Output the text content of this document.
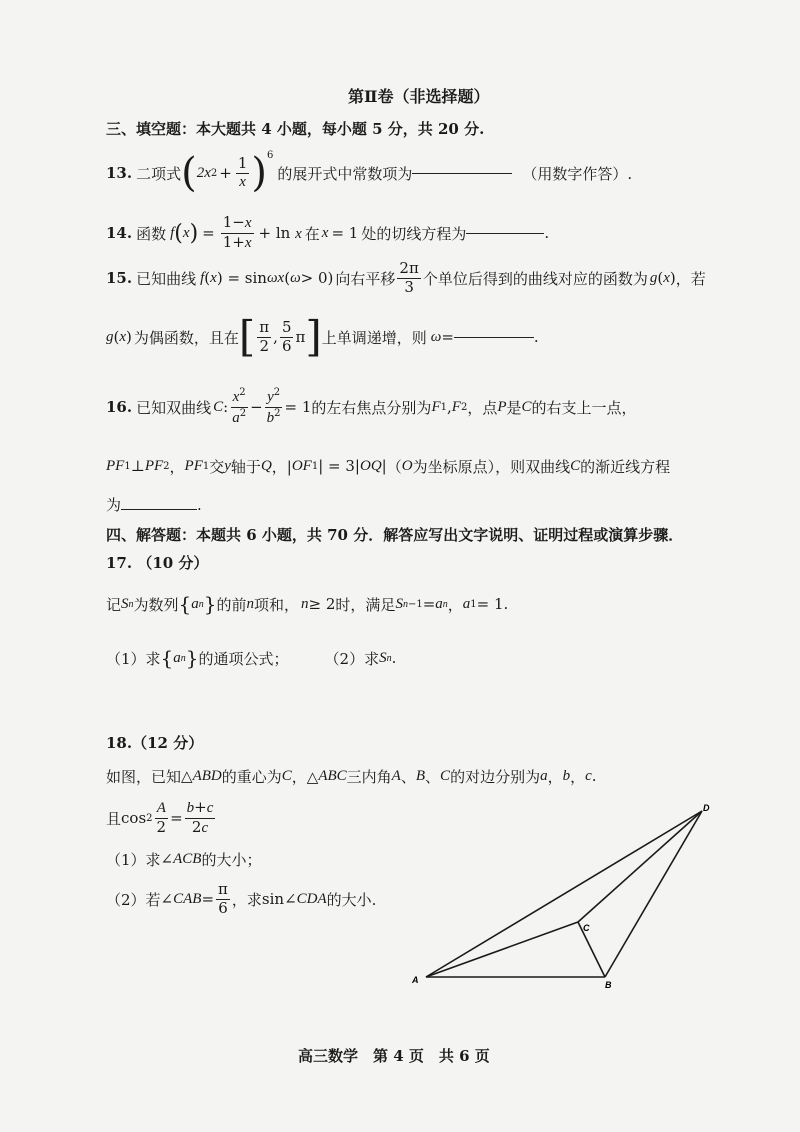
第Ⅱ卷（非选择题）
三、填空题：本大题共 4 小题，每小题 5 分，共 20 分.
13. 二项式 ( 2x $2 + \frac{1}{x} )^6$
的展开式中常数项为	（用数字作答）.
14. 函数 f ( x ) = $\frac{1-x}{1+x} + \ln x$ 在 x = 1 处的切线方程为	.
15. 已知曲线 f ( x ) = sin ωx ( ω > 0) 向右平移 $\frac{2\pi}{3}$ 个单位后得到的曲线对应的函数为 g ( x ) ，若
g ( x ) 为偶函数，且在 [ $\frac{\pi}{2}$ , $\frac{5}{6}$ π ] 上单调递增，则 ω =	.
16. 已知双曲线 C : $\frac{x^2}{a^2} - \frac{y^2}{b^2} = 1$ 的左右焦点分别为 F 1 , F 2 ，点 P 是 C 的右支上一点，
PF 1 ⊥ PF 2 ， PF 1 交 y 轴于 Q ，| OF 1 | = 3| OQ | （ O 为坐标原点），则双曲线 C 的渐近线方程
为	.
四、解答题：本题共 6 小题，共 70 分．解答应写出文字说明、证明过程或演算步骤．
17. （10 分）
记 S n 为数列 { a n } 的前 n 项和， n ≥ 2 时，满足 S n−1 = a n ， a 1 = 1.
（1）求 { a n } 的通项公式； （2）求 S n .
18.（12 分）
如图，已知 △ ABD 的重心为 C ，△ ABC 三内角 A 、 B 、 C 的对边分别为 a ， b ， c .
且 $\cos 2 \frac{A}{2} = \frac{b+c}{2c}$
（1）求 ∠ ACB 的大小；
（2）若 ∠ CAB = $\frac{\pi}{6}$ ，求 sin∠ CDA 的大小.
A	B
C
D
高三数学　第 4 页　共 6 页
